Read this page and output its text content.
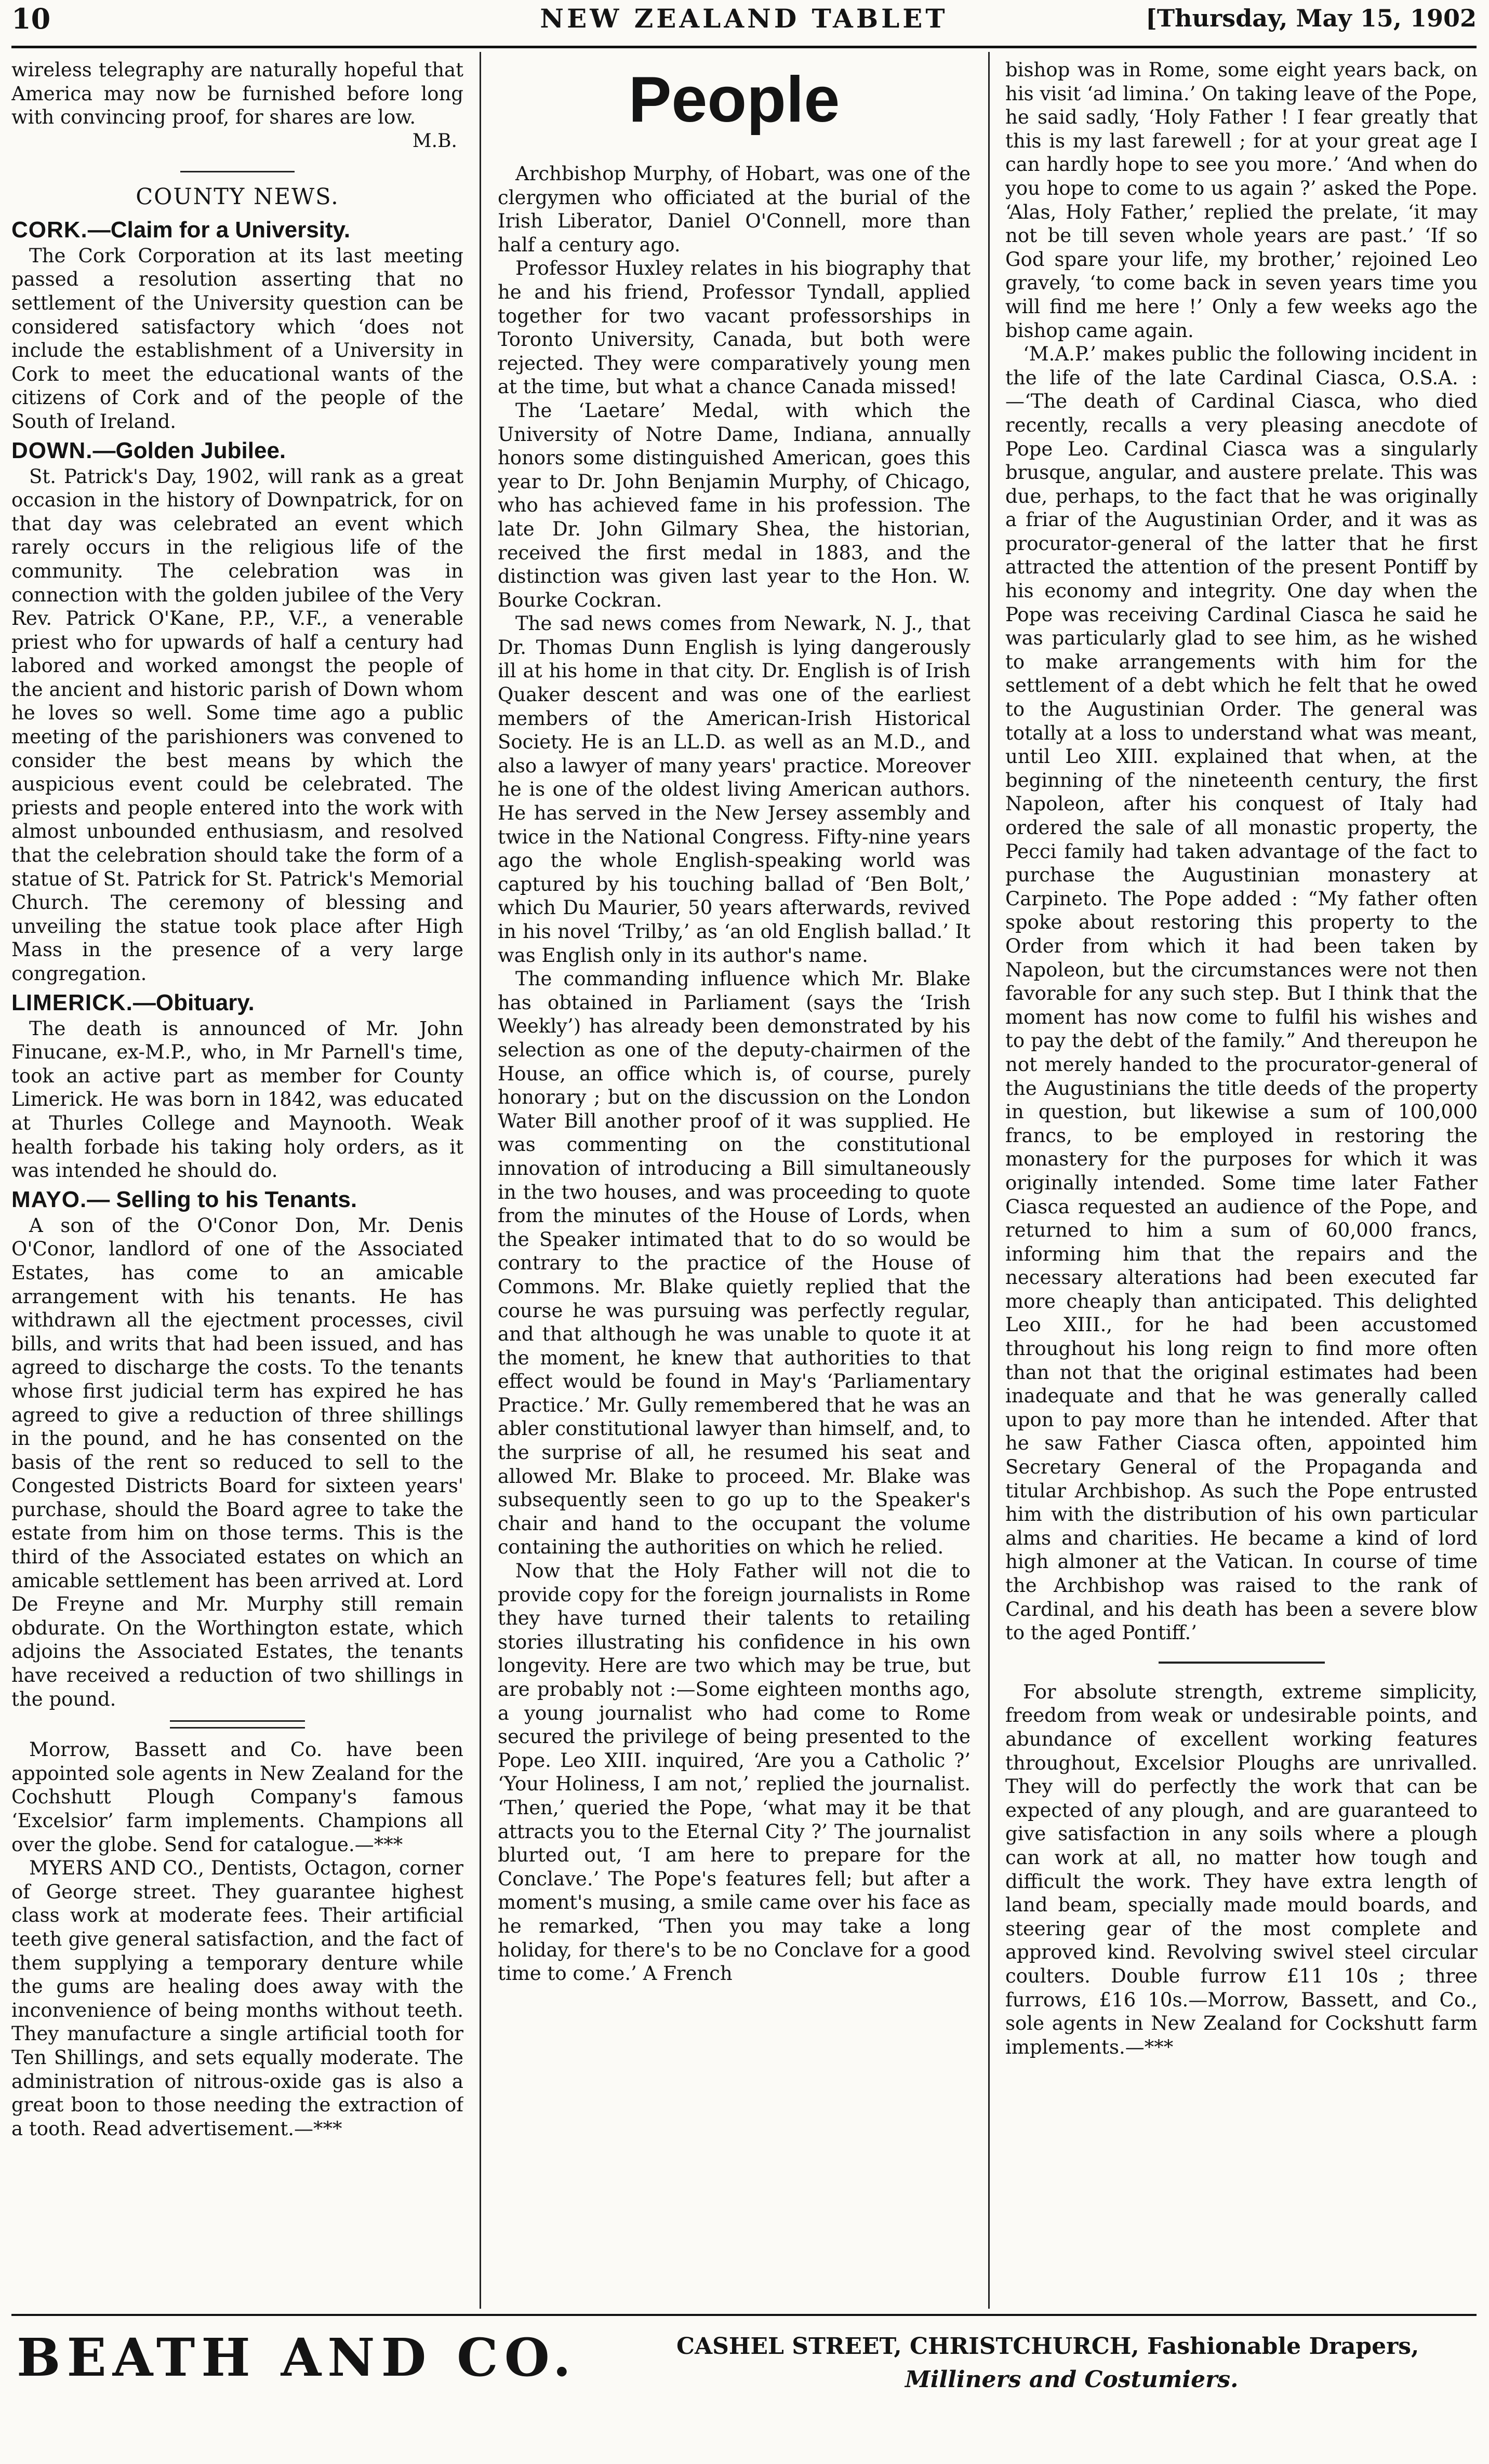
10	NEW ZEALAND TABLET	[Thursday, May 15, 1902

wireless telegraphy are naturally hopeful that America may now be furnished before long with convincing proof, for shares are low.

M.B.
COUNTY NEWS.
CORK.—Claim for a University.

The Cork Corporation at its last meeting passed a resolution asserting that no settlement of the University question can be considered satisfactory which ‘does not include the establishment of a University in Cork to meet the educational wants of the citizens of Cork and of the people of the South of Ireland.

DOWN.—Golden Jubilee.

St. Patrick's Day, 1902, will rank as a great occasion in the history of Downpatrick, for on that day was celebrated an event which rarely occurs in the religious life of the community. The celebration was in connection with the golden jubilee of the Very Rev. Patrick O'Kane, P.P., V.F., a venerable priest who for upwards of half a century had labored and worked amongst the people of the ancient and historic parish of Down whom he loves so well. Some time ago a public meeting of the parishioners was convened to consider the best means by which the auspicious event could be celebrated. The priests and people entered into the work with almost unbounded enthusiasm, and resolved that the celebration should take the form of a statue of St. Patrick for St. Patrick's Memorial Church. The ceremony of blessing and unveiling the statue took place after High Mass in the presence of a very large congregation.

LIMERICK.—Obituary.

The death is announced of Mr. John Finucane, ex-M.P., who, in Mr Parnell's time, took an active part as member for County Limerick. He was born in 1842, was educated at Thurles College and Maynooth. Weak health forbade his taking holy orders, as it was intended he should do.

MAYO.— Selling to his Tenants.

A son of the O'Conor Don, Mr. Denis O'Conor, landlord of one of the Associated Estates, has come to an amicable arrangement with his tenants. He has withdrawn all the ejectment processes, civil bills, and writs that had been issued, and has agreed to discharge the costs. To the tenants whose first judicial term has expired he has agreed to give a reduction of three shillings in the pound, and he has consented on the basis of the rent so reduced to sell to the Congested Districts Board for sixteen years' purchase, should the Board agree to take the estate from him on those terms. This is the third of the Associated estates on which an amicable settlement has been arrived at. Lord De Freyne and Mr. Murphy still remain obdurate. On the Worthington estate, which adjoins the Associated Estates, the tenants have received a reduction of two shillings in the pound.

Morrow, Bassett and Co. have been appointed sole agents in New Zealand for the Cochshutt Plough Company's famous ‘Excelsior’ farm implements. Champions all over the globe. Send for catalogue.—***

MYERS AND CO., Dentists, Octagon, corner of George street. They guarantee highest class work at moderate fees. Their artificial teeth give general satisfaction, and the fact of them supplying a temporary denture while the gums are healing does away with the inconvenience of being months without teeth. They manufacture a single artificial tooth for Ten Shillings, and sets equally moderate. The administration of nitrous-oxide gas is also a great boon to those needing the extraction of a tooth. Read advertisement.—***

People

Archbishop Murphy, of Hobart, was one of the clergymen who officiated at the burial of the Irish Liberator, Daniel O'Connell, more than half a century ago.

Professor Huxley relates in his biography that he and his friend, Professor Tyndall, applied together for two vacant professorships in Toronto University, Canada, but both were rejected. They were comparatively young men at the time, but what a chance Canada missed!

The ‘Laetare’ Medal, with which the University of Notre Dame, Indiana, annually honors some distinguished American, goes this year to Dr. John Benjamin Murphy, of Chicago, who has achieved fame in his profession. The late Dr. John Gilmary Shea, the historian, received the first medal in 1883, and the distinction was given last year to the Hon. W. Bourke Cockran.

The sad news comes from Newark, N. J., that Dr. Thomas Dunn English is lying dangerously ill at his home in that city. Dr. English is of Irish Quaker descent and was one of the earliest members of the American-Irish Historical Society. He is an LL.D. as well as an M.D., and also a lawyer of many years' practice. Moreover he is one of the oldest living American authors. He has served in the New Jersey assembly and twice in the National Congress. Fifty-nine years ago the whole English-speaking world was captured by his touching ballad of ‘Ben Bolt,’ which Du Maurier, 50 years afterwards, revived in his novel ‘Trilby,’ as ‘an old English ballad.’ It was English only in its author's name.

The commanding influence which Mr. Blake has obtained in Parliament (says the ‘Irish Weekly’) has already been demonstrated by his selection as one of the deputy-chairmen of the House, an office which is, of course, purely honorary ; but on the discussion on the London Water Bill another proof of it was supplied. He was commenting on the constitutional innovation of introducing a Bill simultaneously in the two houses, and was proceeding to quote from the minutes of the House of Lords, when the Speaker intimated that to do so would be contrary to the practice of the House of Commons. Mr. Blake quietly replied that the course he was pursuing was perfectly regular, and that although he was unable to quote it at the moment, he knew that authorities to that effect would be found in May's ‘Parliamentary Practice.’ Mr. Gully remembered that he was an abler constitutional lawyer than himself, and, to the surprise of all, he resumed his seat and allowed Mr. Blake to proceed. Mr. Blake was subsequently seen to go up to the Speaker's chair and hand to the occupant the volume containing the authorities on which he relied.

Now that the Holy Father will not die to provide copy for the foreign journalists in Rome they have turned their talents to retailing stories illustrating his confidence in his own longevity. Here are two which may be true, but are probably not :—Some eighteen months ago, a young journalist who had come to Rome secured the privilege of being presented to the Pope. Leo XIII. inquired, ‘Are you a Catholic ?’ ‘Your Holiness, I am not,’ replied the journalist. ‘Then,’ queried the Pope, ‘what may it be that attracts you to the Eternal City ?’ The journalist blurted out, ‘I am here to prepare for the Conclave.’ The Pope's features fell; but after a moment's musing, a smile came over his face as he remarked, ‘Then you may take a long holiday, for there's to be no Conclave for a good time to come.’ A French

bishop was in Rome, some eight years back, on his visit ‘ad limina.’ On taking leave of the Pope, he said sadly, ‘Holy Father ! I fear greatly that this is my last farewell ; for at your great age I can hardly hope to see you more.’ ‘And when do you hope to come to us again ?’ asked the Pope. ‘Alas, Holy Father,’ replied the prelate, ‘it may not be till seven whole years are past.’ ‘If so God spare your life, my brother,’ rejoined Leo gravely, ‘to come back in seven years time you will find me here !’ Only a few weeks ago the bishop came again.

‘M.A.P.’ makes public the following incident in the life of the late Cardinal Ciasca, O.S.A. :—‘The death of Cardinal Ciasca, who died recently, recalls a very pleasing anecdote of Pope Leo. Cardinal Ciasca was a singularly brusque, angular, and austere prelate. This was due, perhaps, to the fact that he was originally a friar of the Augustinian Order, and it was as procurator-general of the latter that he first attracted the attention of the present Pontiff by his economy and integrity. One day when the Pope was receiving Cardinal Ciasca he said he was particularly glad to see him, as he wished to make arrangements with him for the settlement of a debt which he felt that he owed to the Augustinian Order. The general was totally at a loss to understand what was meant, until Leo XIII. explained that when, at the beginning of the nineteenth century, the first Napoleon, after his conquest of Italy had ordered the sale of all monastic property, the Pecci family had taken advantage of the fact to purchase the Augustinian monastery at Carpineto. The Pope added : “My father often spoke about restoring this property to the Order from which it had been taken by Napoleon, but the circumstances were not then favorable for any such step. But I think that the moment has now come to fulfil his wishes and to pay the debt of the family.” And thereupon he not merely handed to the procurator-general of the Augustinians the title deeds of the property in question, but likewise a sum of 100,000 francs, to be employed in restoring the monastery for the purposes for which it was originally intended. Some time later Father Ciasca requested an audience of the Pope, and returned to him a sum of 60,000 francs, informing him that the repairs and the necessary alterations had been executed far more cheaply than anticipated. This delighted Leo XIII., for he had been accustomed throughout his long reign to find more often than not that the original estimates had been inadequate and that he was generally called upon to pay more than he intended. After that he saw Father Ciasca often, appointed him Secretary General of the Propaganda and titular Archbishop. As such the Pope entrusted him with the distribution of his own particular alms and charities. He became a kind of lord high almoner at the Vatican. In course of time the Archbishop was raised to the rank of Cardinal, and his death has been a severe blow to the aged Pontiff.’

For absolute strength, extreme simplicity, freedom from weak or undesirable points, and abundance of excellent working features throughout, Excelsior Ploughs are unrivalled. They will do perfectly the work that can be expected of any plough, and are guaranteed to give satisfaction in any soils where a plough can work at all, no matter how tough and difficult the work. They have extra length of land beam, specially made mould boards, and steering gear of the most complete and approved kind. Revolving swivel steel circular coulters. Double furrow £11 10s ; three furrows, £16 10s.—Morrow, Bassett, and Co., sole agents in New Zealand for Cockshutt farm implements.—***

BEATH AND CO.	CASHEL STREET, CHRISTCHURCH, Fashionable Drapers,
Milliners and Costumiers.
